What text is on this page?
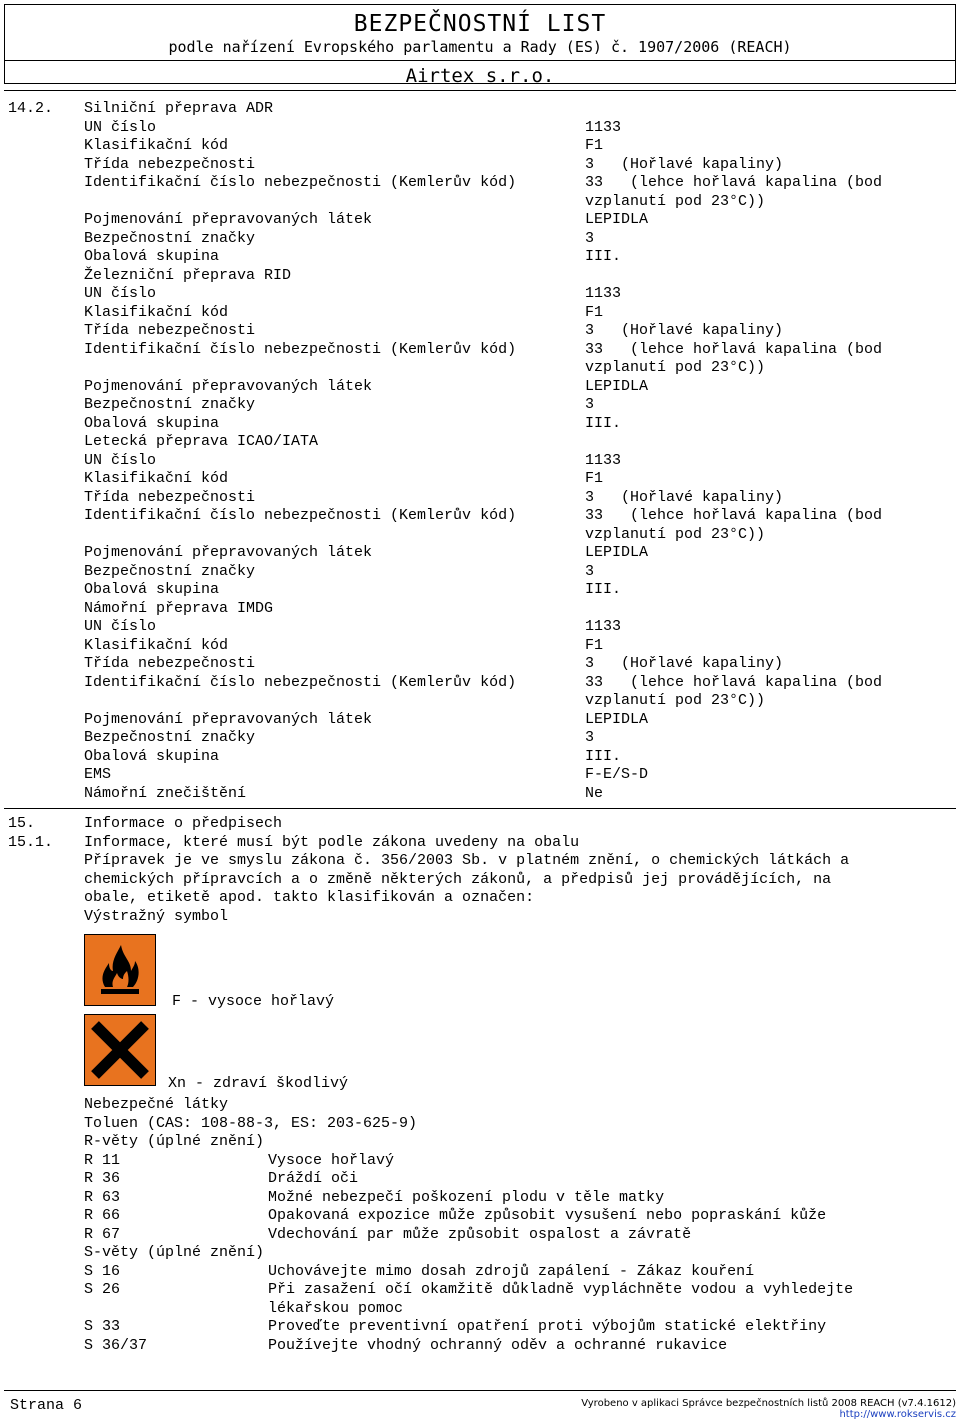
BEZPEČNOSTNÍ LIST
podle nařízení Evropského parlamentu a Rady (ES) č. 1907/2006 (REACH)
Airtex s.r.o.
14.2. Silniční přeprava ADR
UN číslo	1133
Klasifikační kód	F1
Třída nebezpečnosti	3   (Hořlavé kapaliny)
Identifikační číslo nebezpečnosti (Kemlerův kód)	33   (lehce hořlavá kapalina (bod
vzplanutí pod 23°C))
Pojmenování přepravovaných látek	LEPIDLA
Bezpečnostní značky	3
Obalová skupina	III.
Železniční přeprava RID
UN číslo	1133
Klasifikační kód	F1
Třída nebezpečnosti	3   (Hořlavé kapaliny)
Identifikační číslo nebezpečnosti (Kemlerův kód)	33   (lehce hořlavá kapalina (bod
vzplanutí pod 23°C))
Pojmenování přepravovaných látek	LEPIDLA
Bezpečnostní značky	3
Obalová skupina	III.
Letecká přeprava ICAO/IATA
UN číslo	1133
Klasifikační kód	F1
Třída nebezpečnosti	3   (Hořlavé kapaliny)
Identifikační číslo nebezpečnosti (Kemlerův kód)	33   (lehce hořlavá kapalina (bod
vzplanutí pod 23°C))
Pojmenování přepravovaných látek	LEPIDLA
Bezpečnostní značky	3
Obalová skupina	III.
Námořní přeprava IMDG
UN číslo	1133
Klasifikační kód	F1
Třída nebezpečnosti	3   (Hořlavé kapaliny)
Identifikační číslo nebezpečnosti (Kemlerův kód)	33   (lehce hořlavá kapalina (bod
vzplanutí pod 23°C))
Pojmenování přepravovaných látek	LEPIDLA
Bezpečnostní značky	3
Obalová skupina	III.
EMS	F-E/S-D
Námořní znečištění	Ne
15.	Informace o předpisech
15.1. Informace, které musí být podle zákona uvedeny na obalu
Přípravek je ve smyslu zákona č. 356/2003 Sb. v platném znění, o chemických látkách a
chemických přípravcích a o změně některých zákonů, a předpisů jej provádějících, na
obale, etiketě apod. takto klasifikován a označen:
Výstražný symbol
F - vysoce hořlavý
Xn - zdraví škodlivý
Nebezpečné látky
Toluen (CAS: 108-88-3, ES: 203-625-9)
R-věty (úplné znění)
R 11	Vysoce hořlavý
R 36	Dráždí oči
R 63	Možné nebezpečí poškození plodu v těle matky
R 66	Opakovaná expozice může způsobit vysušení nebo popraskání kůže
R 67	Vdechování par může způsobit ospalost a závratě
S-věty (úplné znění)
S 16	Uchovávejte mimo dosah zdrojů zapálení - Zákaz kouření
S 26	Při zasažení očí okamžitě důkladně vypláchněte vodou a vyhledejte
lékařskou pomoc
S 33	Proveďte preventivní opatření proti výbojům statické elektřiny
S 36/37	Používejte vhodný ochranný oděv a ochranné rukavice
Strana 6	Vyrobeno v aplikaci Správce bezpečnostních listů 2008 REACH (v7.4.1612)
http://www.rokservis.cz
